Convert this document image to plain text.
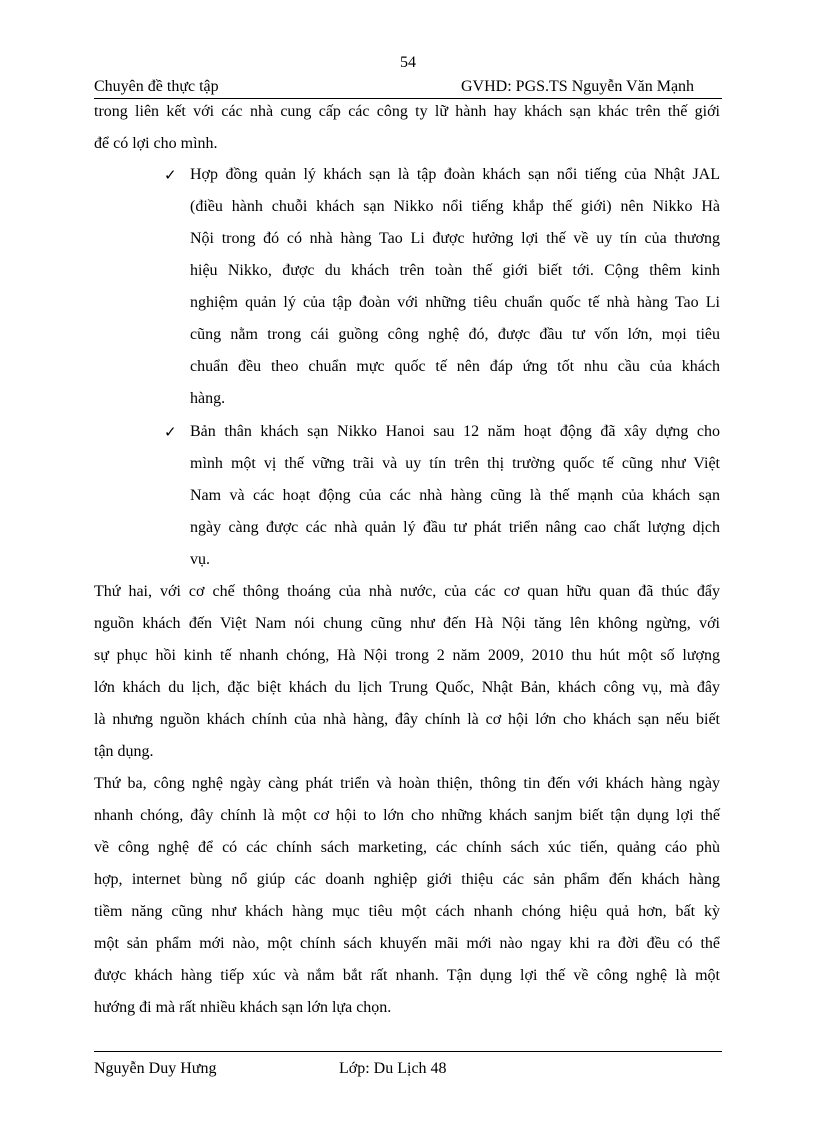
54
Chuyên đề thực tập	GVHD: PGS.TS Nguyễn Văn Mạnh
trong liên kết với các nhà cung cấp các công ty lữ hành hay khách sạn khác trên thế giới
để có lợi cho mình.
✓ Hợp đồng quản lý khách sạn là tập đoàn khách sạn nổi tiếng của Nhật JAL
(điều hành chuỗi khách sạn Nikko nổi tiếng khắp thế giới) nên Nikko Hà
Nội trong đó có nhà hàng Tao Li được hưởng lợi thế về uy tín của thương
hiệu Nikko, được du khách trên toàn thế giới biết tới. Cộng thêm kinh
nghiệm quản lý của tập đoàn với những tiêu chuẩn quốc tế nhà hàng Tao Li
cũng nằm trong cái guồng công nghệ đó, được đầu tư vốn lớn, mọi tiêu
chuẩn đều theo chuẩn mực quốc tế nên đáp ứng tốt nhu cầu của khách
hàng.
✓ Bản thân khách sạn Nikko Hanoi sau 12 năm hoạt động đã xây dựng cho
mình một vị thế vững trãi và uy tín trên thị trường quốc tế cũng như Việt
Nam và các hoạt động của các nhà hàng cũng là thế mạnh của khách sạn
ngày càng được các nhà quản lý đầu tư phát triển nâng cao chất lượng dịch
vụ.
Thứ hai, với cơ chế thông thoáng của nhà nước, của các cơ quan hữu quan đã thúc đẩy
nguồn khách đến Việt Nam nói chung cũng như đến Hà Nội tăng lên không ngừng, với
sự phục hồi kinh tế nhanh chóng, Hà Nội trong 2 năm 2009, 2010 thu hút một số lượng
lớn khách du lịch, đặc biệt khách du lịch Trung Quốc, Nhật Bản, khách công vụ, mà đây
là nhưng nguồn khách chính của nhà hàng, đây chính là cơ hội lớn cho khách sạn nếu biết
tận dụng.
Thứ ba, công nghệ ngày càng phát triển và hoàn thiện, thông tin đến với khách hàng ngày
nhanh chóng, đây chính là một cơ hội to lớn cho những khách sanjm biết tận dụng lợi thế
về công nghệ để có các chính sách marketing, các chính sách xúc tiến, quảng cáo phù
hợp, internet bùng nổ giúp các doanh nghiệp giới thiệu các sản phẩm đến khách hàng
tiềm năng cũng như khách hàng mục tiêu một cách nhanh chóng hiệu quả hơn, bất kỳ
một sản phẩm mới nào, một chính sách khuyến mãi mới nào ngay khi ra đời đều có thể
được khách hàng tiếp xúc và nắm bắt rất nhanh. Tận dụng lợi thế về công nghệ là một
hướng đi mà rất nhiều khách sạn lớn lựa chọn.
Nguyễn Duy Hưng	Lớp: Du Lịch 48
